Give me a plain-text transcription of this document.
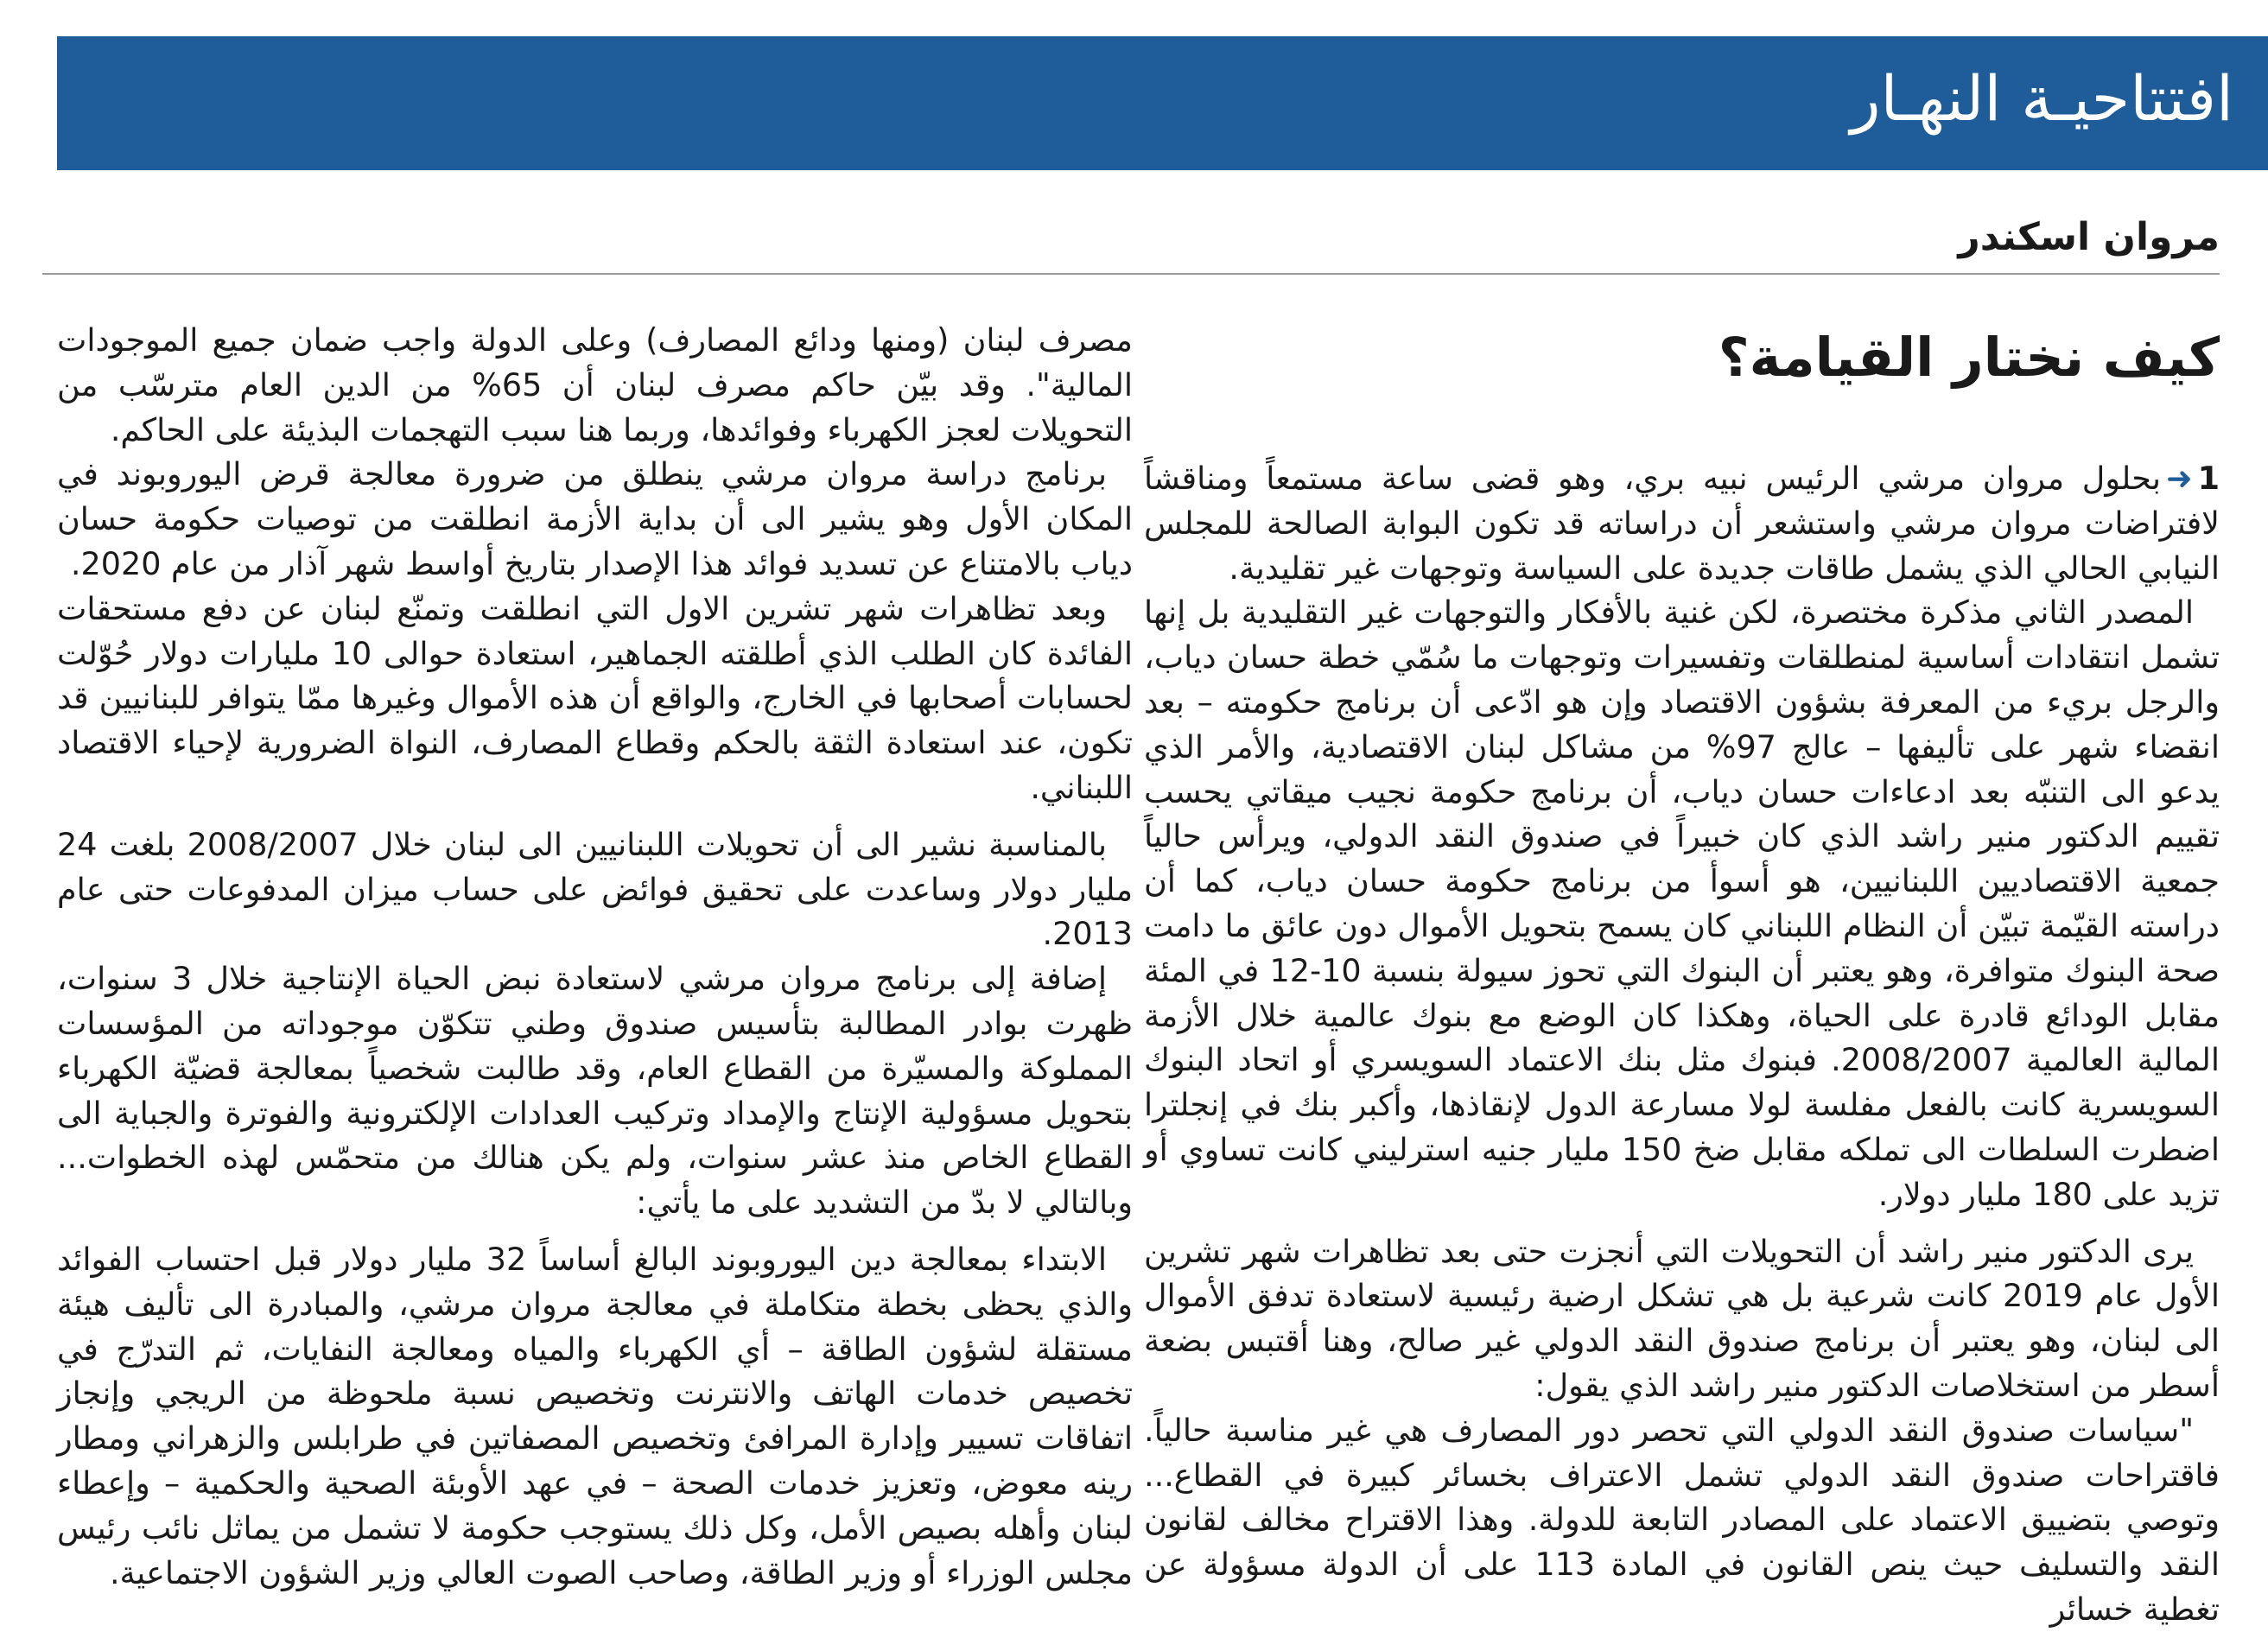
افتتاحيـة النهـار
مروان اسكندر
كيف نختار القيامة؟

1➜بحلول مروان مرشي الرئيس نبيه بري، وهو قضى ساعة مستمعاً ومناقشاً لافتراضات مروان مرشي واستشعر أن دراساته قد تكون البوابة الصالحة للمجلس النيابي الحالي الذي يشمل طاقات جديدة على السياسة وتوجهات غير تقليدية.

المصدر الثاني مذكرة مختصرة، لكن غنية بالأفكار والتوجهات غير التقليدية بل إنها تشمل انتقادات أساسية لمنطلقات وتفسيرات وتوجهات ما سُمّي خطة حسان دياب، والرجل بريء من المعرفة بشؤون الاقتصاد وإن هو ادّعى أن برنامج حكومته – بعد انقضاء شهر على تأليفها – عالج 97% من مشاكل لبنان الاقتصادية، والأمر الذي يدعو الى التنبّه بعد ادعاءات حسان دياب، أن برنامج حكومة نجيب ميقاتي يحسب تقييم الدكتور منير راشد الذي كان خبيراً في صندوق النقد الدولي، ويرأس حالياً جمعية الاقتصاديين اللبنانيين، هو أسوأ من برنامج حكومة حسان دياب، كما أن دراسته القيّمة تبيّن أن النظام اللبناني كان يسمح بتحويل الأموال دون عائق ما دامت صحة البنوك متوافرة، وهو يعتبر أن البنوك التي تحوز سيولة بنسبة 10-12 في المئة مقابل الودائع قادرة على الحياة، وهكذا كان الوضع مع بنوك عالمية خلال الأزمة المالية العالمية 2008/2007. فبنوك مثل بنك الاعتماد السويسري أو اتحاد البنوك السويسرية كانت بالفعل مفلسة لولا مسارعة الدول لإنقاذها، وأكبر بنك في إنجلترا اضطرت السلطات الى تملكه مقابل ضخ 150 مليار جنيه استرليني كانت تساوي أو تزيد على 180 مليار دولار.

يرى الدكتور منير راشد أن التحويلات التي أنجزت حتى بعد تظاهرات شهر تشرين الأول عام 2019 كانت شرعية بل هي تشكل ارضية رئيسية لاستعادة تدفق الأموال الى لبنان، وهو يعتبر أن برنامج صندوق النقد الدولي غير صالح، وهنا أقتبس بضعة أسطر من استخلاصات الدكتور منير راشد الذي يقول:

"سياسات صندوق النقد الدولي التي تحصر دور المصارف هي غير مناسبة حالياً. فاقتراحات صندوق النقد الدولي تشمل الاعتراف بخسائر كبيرة في القطاع... وتوصي بتضييق الاعتماد على المصادر التابعة للدولة. وهذا الاقتراح مخالف لقانون النقد والتسليف حيث ينص القانون في المادة 113 على أن الدولة مسؤولة عن تغطية خسائر

مصرف لبنان (ومنها ودائع المصارف) وعلى الدولة واجب ضمان جميع الموجودات المالية". وقد بيّن حاكم مصرف لبنان أن 65% من الدين العام مترسّب من التحويلات لعجز الكهرباء وفوائدها، وربما هنا سبب التهجمات البذيئة على الحاكم.

برنامج دراسة مروان مرشي ينطلق من ضرورة معالجة قرض اليوروبوند في المكان الأول وهو يشير الى أن بداية الأزمة انطلقت من توصيات حكومة حسان دياب بالامتناع عن تسديد فوائد هذا الإصدار بتاريخ أواسط شهر آذار من عام 2020.

وبعد تظاهرات شهر تشرين الاول التي انطلقت وتمنّع لبنان عن دفع مستحقات الفائدة كان الطلب الذي أطلقته الجماهير، استعادة حوالى 10 مليارات دولار حُوّلت لحسابات أصحابها في الخارج، والواقع أن هذه الأموال وغيرها ممّا يتوافر للبنانيين قد تكون، عند استعادة الثقة بالحكم وقطاع المصارف، النواة الضرورية لإحياء الاقتصاد اللبناني.

بالمناسبة نشير الى أن تحويلات اللبنانيين الى لبنان خلال 2008/2007 بلغت 24 مليار دولار وساعدت على تحقيق فوائض على حساب ميزان المدفوعات حتى عام 2013.

إضافة إلى برنامج مروان مرشي لاستعادة نبض الحياة الإنتاجية خلال 3 سنوات، ظهرت بوادر المطالبة بتأسيس صندوق وطني تتكوّن موجوداته من المؤسسات المملوكة والمسيّرة من القطاع العام، وقد طالبت شخصياً بمعالجة قضيّة الكهرباء بتحويل مسؤولية الإنتاج والإمداد وتركيب العدادات الإلكترونية والفوترة والجباية الى القطاع الخاص منذ عشر سنوات، ولم يكن هنالك من متحمّس لهذه الخطوات... وبالتالي لا بدّ من التشديد على ما يأتي:

الابتداء بمعالجة دين اليوروبوند البالغ أساساً 32 مليار دولار قبل احتساب الفوائد والذي يحظى بخطة متكاملة في معالجة مروان مرشي، والمبادرة الى تأليف هيئة مستقلة لشؤون الطاقة – أي الكهرباء والمياه ومعالجة النفايات، ثم التدرّج في تخصيص خدمات الهاتف والانترنت وتخصيص نسبة ملحوظة من الريجي وإنجاز اتفاقات تسيير وإدارة المرافئ وتخصيص المصفاتين في طرابلس والزهراني ومطار رينه معوض، وتعزيز خدمات الصحة – في عهد الأوبئة الصحية والحكمية – وإعطاء لبنان وأهله بصيص الأمل، وكل ذلك يستوجب حكومة لا تشمل من يماثل نائب رئيس مجلس الوزراء أو وزير الطاقة، وصاحب الصوت العالي وزير الشؤون الاجتماعية.
